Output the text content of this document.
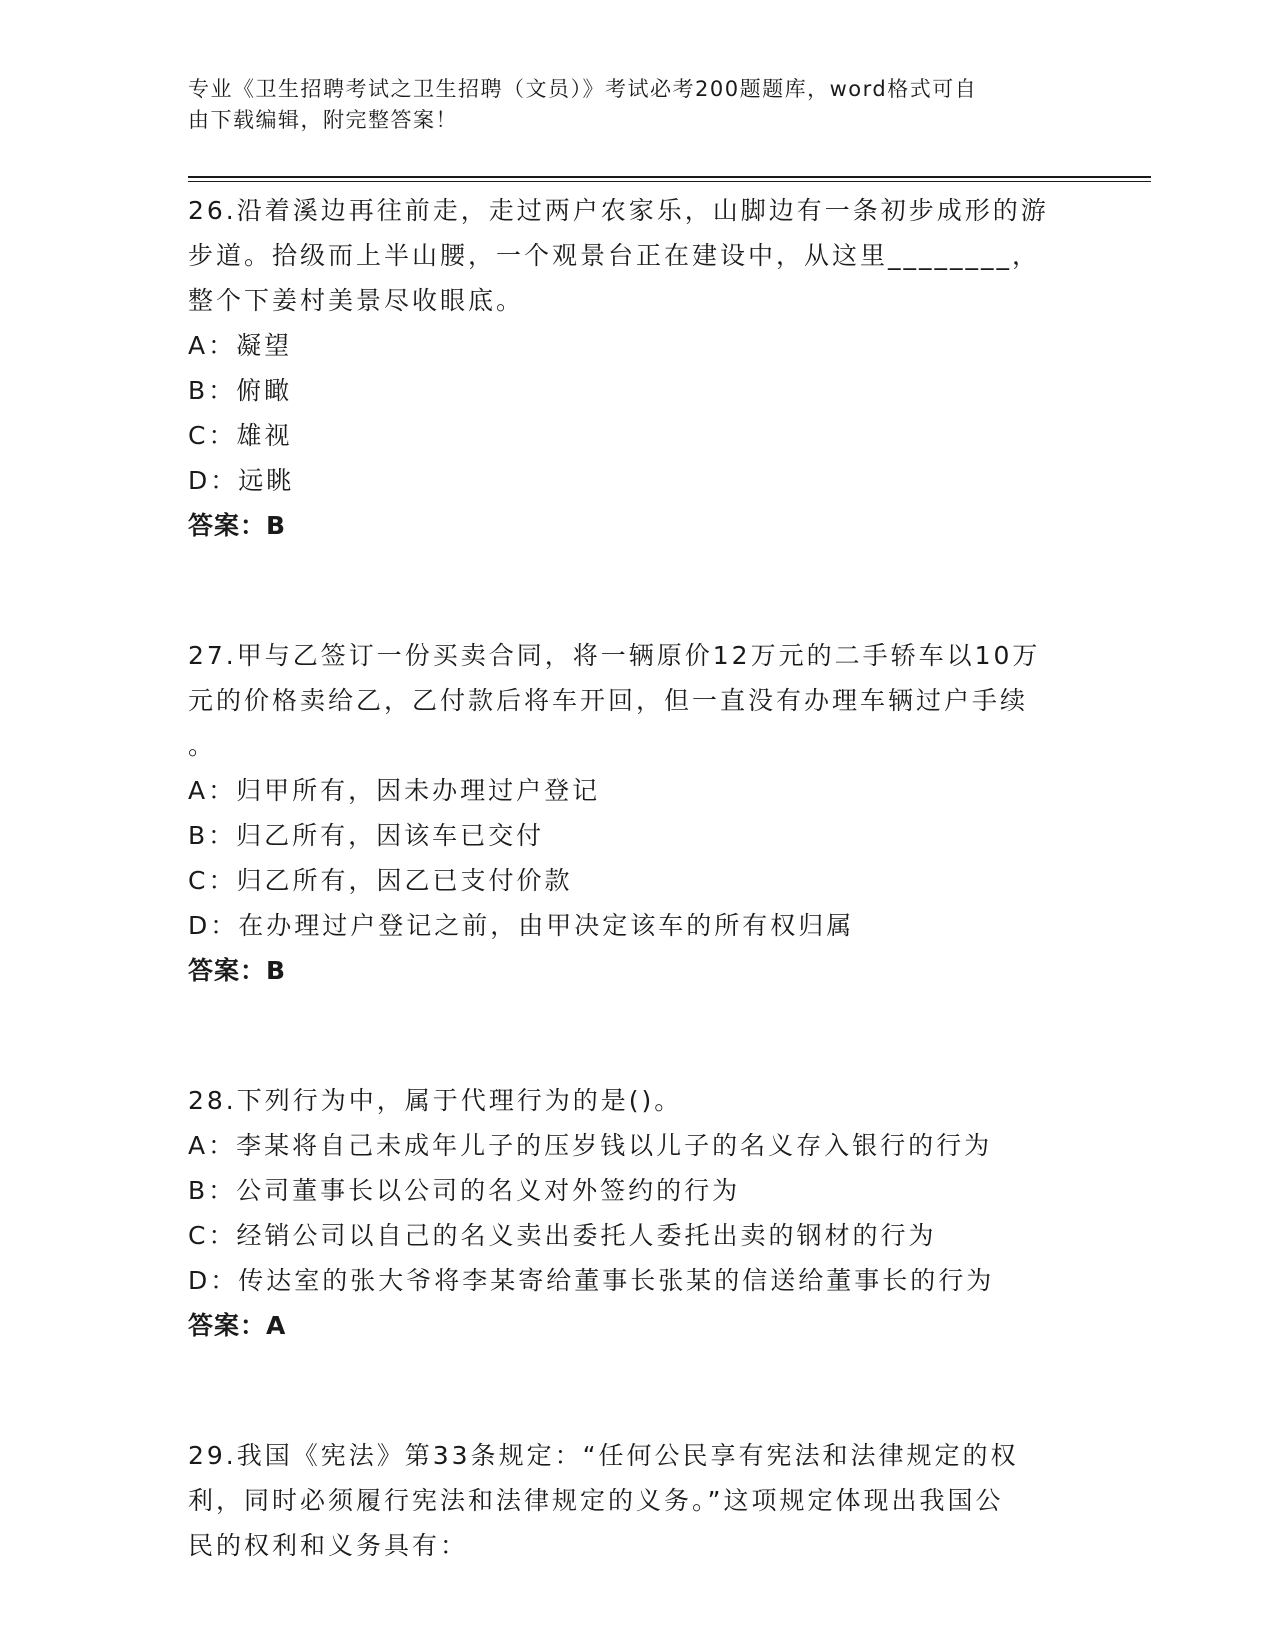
专业《卫生招聘考试之卫生招聘（文员）》考试必考200题题库，word格式可自
由下载编辑，附完整答案！

26.沿着溪边再往前走，走过两户农家乐，山脚边有一条初步成形的游

步道。拾级而上半山腰，一个观景台正在建设中，从这里________，

整个下姜村美景尽收眼底。

A：凝望

B：俯瞰

C：雄视

D：远眺

答案：B

27.甲与乙签订一份买卖合同，将一辆原价12万元的二手轿车以10万

元的价格卖给乙，乙付款后将车开回，但一直没有办理车辆过户手续

。

A：归甲所有，因未办理过户登记

B：归乙所有，因该车已交付

C：归乙所有，因乙已支付价款

D：在办理过户登记之前，由甲决定该车的所有权归属

答案：B

28.下列行为中，属于代理行为的是()。

A：李某将自己未成年儿子的压岁钱以儿子的名义存入银行的行为

B：公司董事长以公司的名义对外签约的行为

C：经销公司以自己的名义卖出委托人委托出卖的钢材的行为

D：传达室的张大爷将李某寄给董事长张某的信送给董事长的行为

答案：A

29.我国《宪法》第33条规定：“任何公民享有宪法和法律规定的权

利，同时必须履行宪法和法律规定的义务。”这项规定体现出我国公

民的权利和义务具有：
